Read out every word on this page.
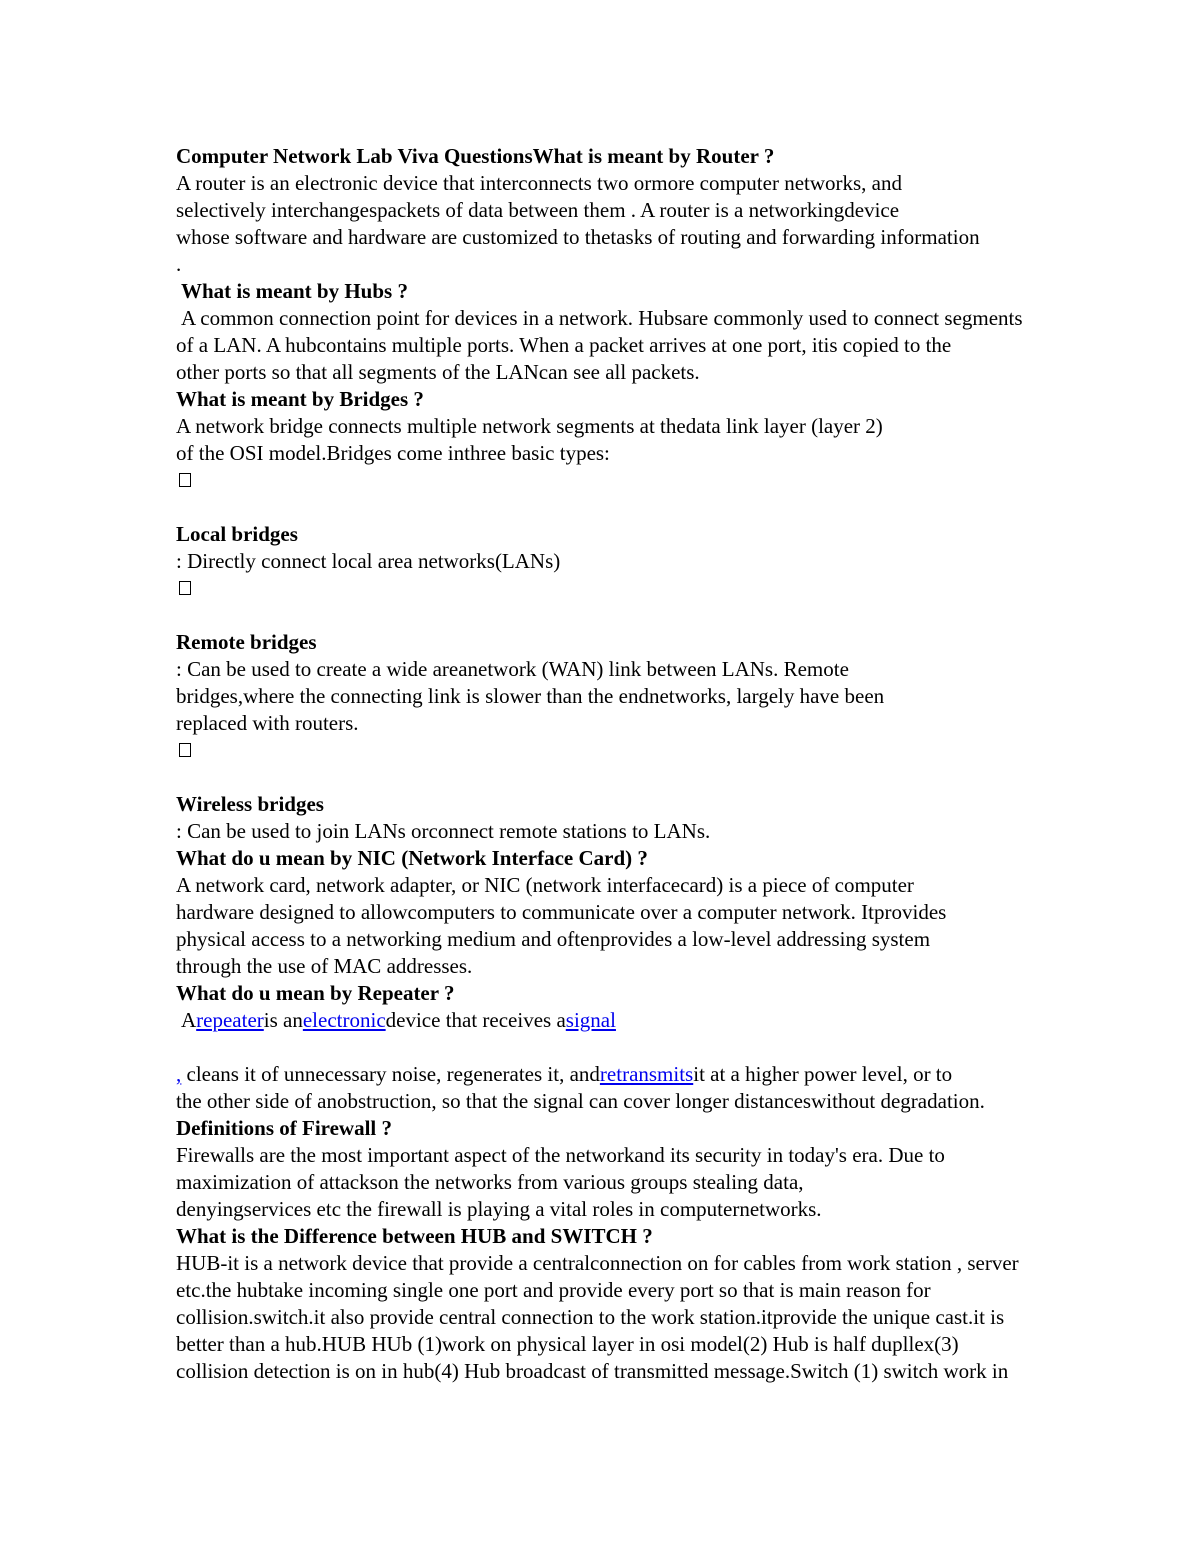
Computer Network Lab Viva QuestionsWhat is meant by Router ?
A router is an electronic device that interconnects two ormore computer networks, and
selectively interchangespackets of data between them . A router is a networkingdevice
whose software and hardware are customized to thetasks of routing and forwarding information
.
What is meant by Hubs ?
A common connection point for devices in a network. Hubsare commonly used to connect segments
of a LAN. A hubcontains multiple ports. When a packet arrives at one port, itis copied to the
other ports so that all segments of the LANcan see all packets.
What is meant by Bridges ?
A network bridge connects multiple network segments at thedata link layer (layer 2)
of the OSI model.Bridges come inthree basic types:
Local bridges
: Directly connect local area networks(LANs)
Remote bridges
: Can be used to create a wide areanetwork (WAN) link between LANs. Remote
bridges,where the connecting link is slower than the endnetworks, largely have been
replaced with routers.
Wireless bridges
: Can be used to join LANs orconnect remote stations to LANs.
What do u mean by NIC (Network Interface Card) ?
A network card, network adapter, or NIC (network interfacecard) is a piece of computer
hardware designed to allowcomputers to communicate over a computer network. Itprovides
physical access to a networking medium and oftenprovides a low-level addressing system
through the use of MAC addresses.
What do u mean by Repeater ?
Arepeateris anelectronicdevice that receives asignal
, cleans it of unnecessary noise, regenerates it, andretransmitsit at a higher power level, or to
the other side of anobstruction, so that the signal can cover longer distanceswithout degradation.
Definitions of Firewall ?
Firewalls are the most important aspect of the networkand its security in today's era. Due to
maximization of attackson the networks from various groups stealing data,
denyingservices etc the firewall is playing a vital roles in computernetworks.
What is the Difference between HUB and SWITCH ?
HUB-it is a network device that provide a centralconnection on for cables from work station , server
etc.the hubtake incoming single one port and provide every port so that is main reason for
collision.switch.it also provide central connection to the work station.itprovide the unique cast.it is
better than a hub.HUB HUb (1)work on physical layer in osi model(2) Hub is half dupllex(3)
collision detection is on in hub(4) Hub broadcast of transmitted message.Switch (1) switch work in
